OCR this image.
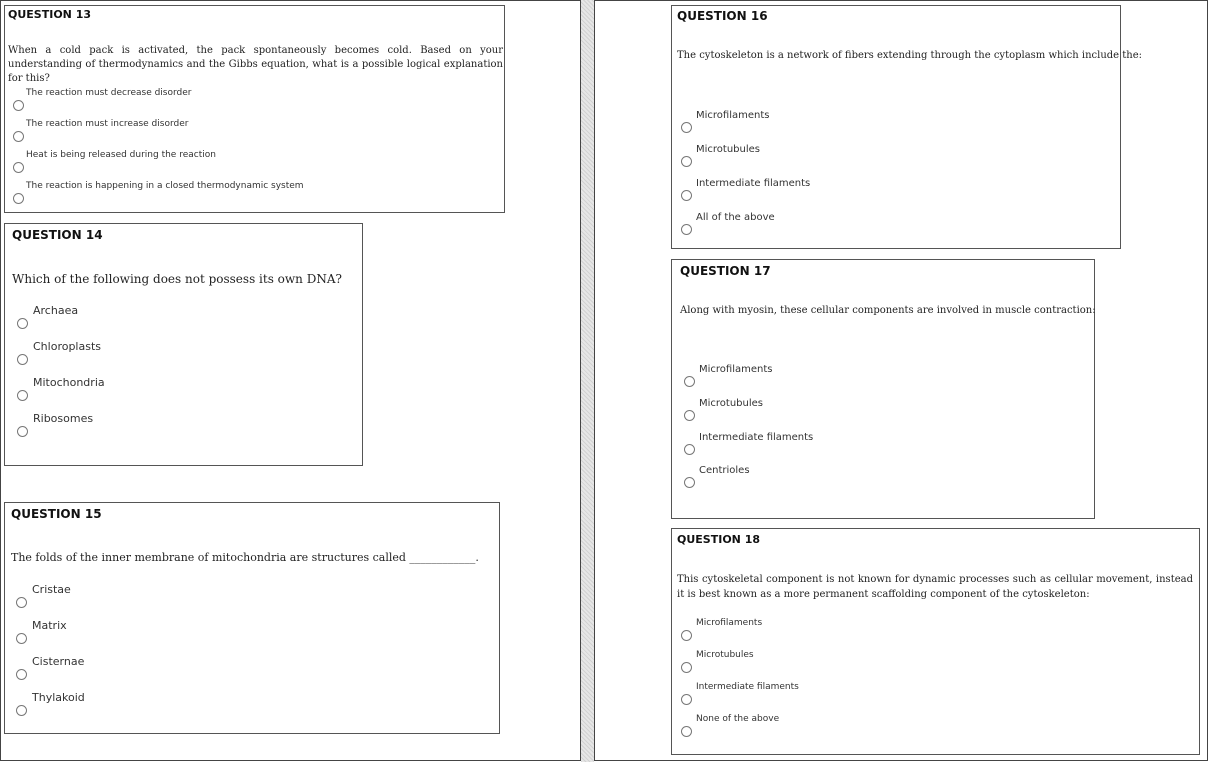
QUESTION 13
When a cold pack is activated, the pack spontaneously becomes cold. Based on your understanding of thermodynamics and the Gibbs equation, what is a possible logical explanation for this?
The reaction must decrease disorder
The reaction must increase disorder
Heat is being released during the reaction
The reaction is happening in a closed thermodynamic system
QUESTION 14
Which of the following does not possess its own DNA?
Archaea
Chloroplasts
Mitochondria
Ribosomes
QUESTION 15
The folds of the inner membrane of mitochondria are structures called ____________.
Cristae
Matrix
Cisternae
Thylakoid
QUESTION 16
The cytoskeleton is a network of fibers extending through the cytoplasm which include the:
Microfilaments
Microtubules
Intermediate filaments
All of the above
QUESTION 17
Along with myosin, these cellular components are involved in muscle contraction:
Microfilaments
Microtubules
Intermediate filaments
Centrioles
QUESTION 18
This cytoskeletal component is not known for dynamic processes such as cellular movement, instead it is best known as a more permanent scaffolding component of the cytoskeleton:
Microfilaments
Microtubules
Intermediate filaments
None of the above
